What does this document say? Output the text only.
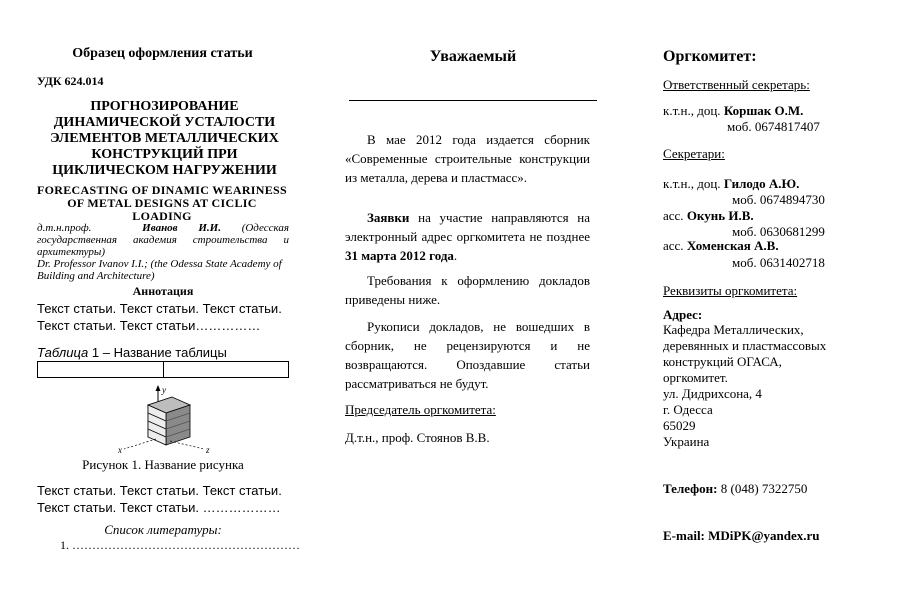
Образец оформления статьи
УДК 624.014
ПРОГНОЗИРОВАНИЕ ДИНАМИЧЕСКОЙ УСТАЛОСТИ ЭЛЕМЕНТОВ МЕТАЛЛИЧЕСКИХ КОНСТРУКЦИЙ ПРИ ЦИКЛИЧЕСКОМ НАГРУЖЕНИИ
FORECASTING OF DINAMIC WEARINESS OF METAL DESIGNS AT CICLIC LOADING
д.т.н.проф.	Иванов И.И. (Одесская государственная академия строительства и архитектуры)
Dr. Professor Ivanov I.I.; (the Odessa State Academy of Building and Architecture)
Аннотация
Текст статьи. Текст статьи. Текст статьи.
Текст статьи. Текст статьи……………
Таблица 1 – Название таблицы
y
x	z
Рисунок 1. Название рисунка
Текст статьи. Текст статьи. Текст статьи.
Текст статьи. Текст статьи. ………………
Список литературы:
1. …………………………………………………
Уважаемый
В мае 2012 года издается сборник «Современные строительные конструкции из металла, дерева и пластмасс».
Заявки на участие направляются на электронный адрес оргкомитета не позднее 31 марта 2012 года.
Требования к оформлению докладов приведены ниже.
Рукописи докладов, не вошедших в сборник, не рецензируются и не возвращаются. Опоздавшие статьи рассматриваться не будут.
Председатель оргкомитета:
Д.т.н., проф. Стоянов В.В.
Оргкомитет:
Ответственный секретарь:
к.т.н., доц. Коршак О.М.
моб. 0674817407
Секретари:
к.т.н., доц. Гилодо А.Ю.
моб. 0674894730
асс. Окунь И.В.
моб. 0630681299
асс. Хоменская А.В.
моб. 0631402718
Реквизиты оргкомитета:
Адрес:
Кафедра Металлических,
деревянных и пластмассовых
конструкций ОГАСА,
оргкомитет.
ул. Дидрихсона, 4
г. Одесса
65029
Украина
Телефон: 8 (048) 7322750
E-mail: MDiPK@yandex.ru
